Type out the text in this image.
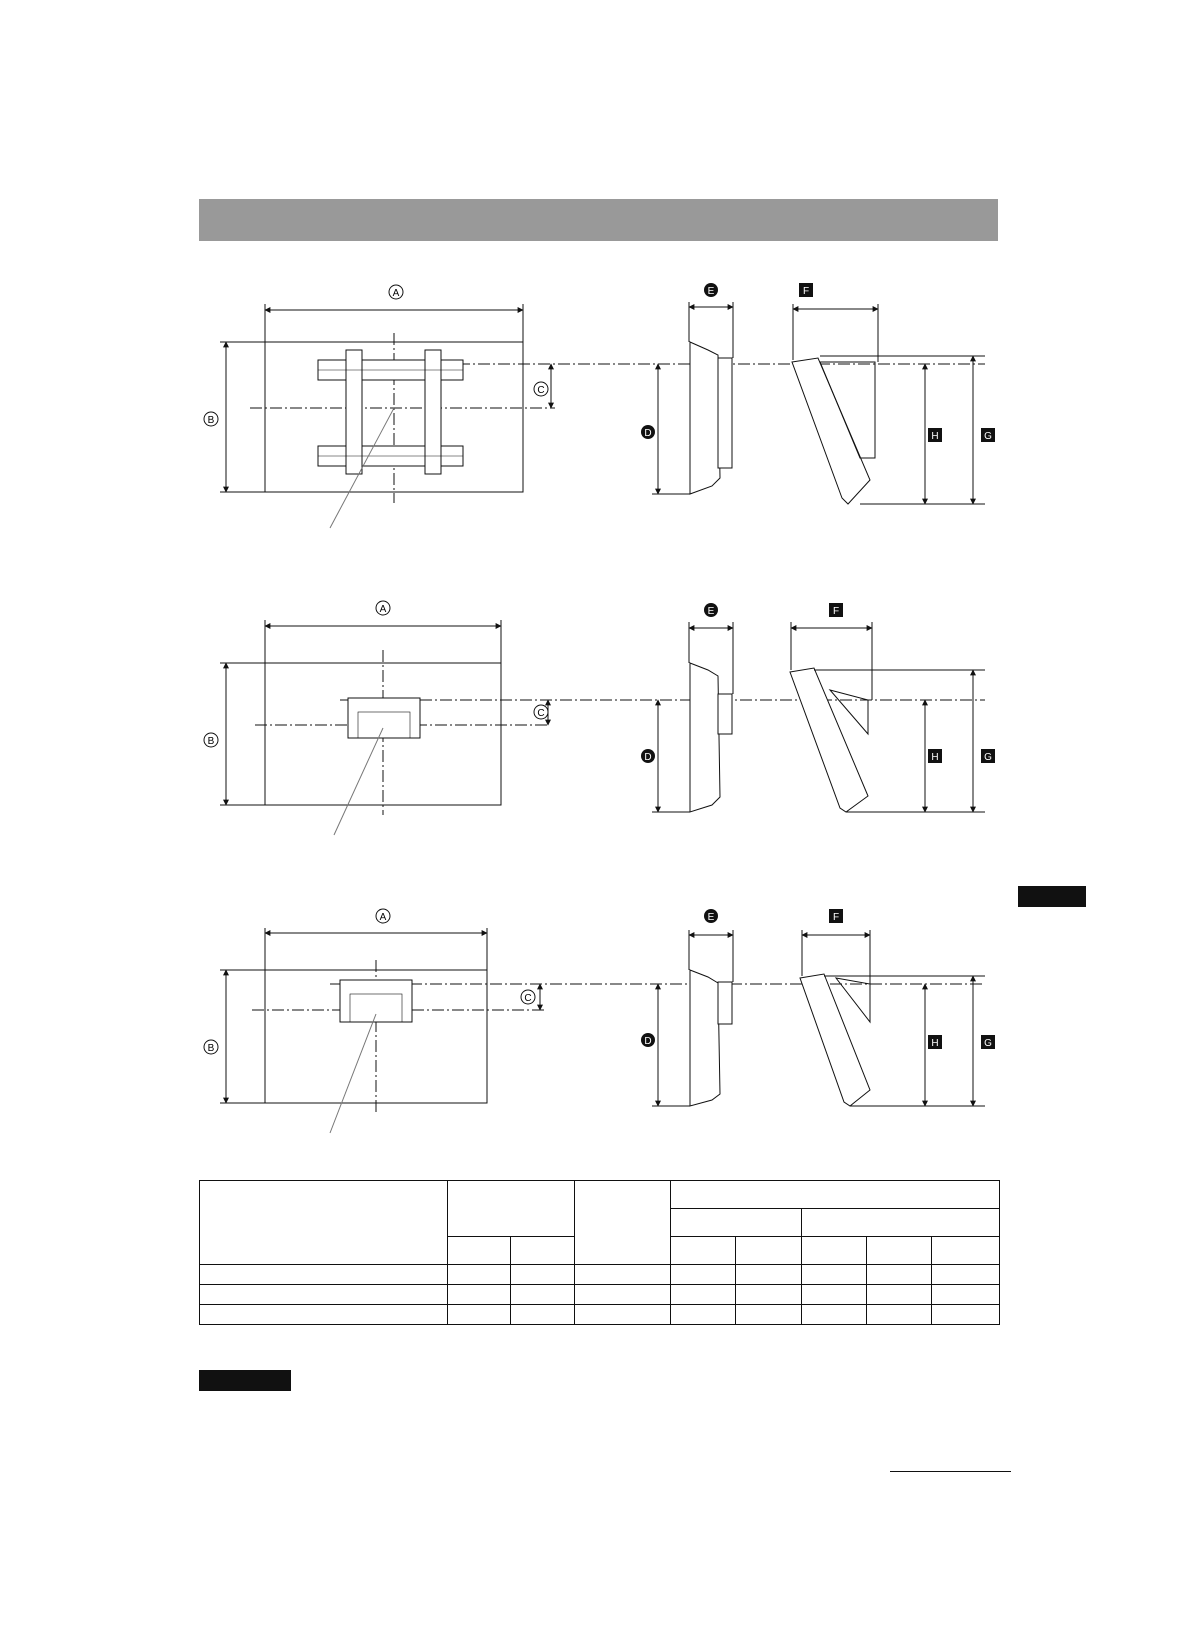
A
B
C
E
D
F
H	G
A
B
C
E
D
F
H	G
A
B
C
E
D
F
H	G
